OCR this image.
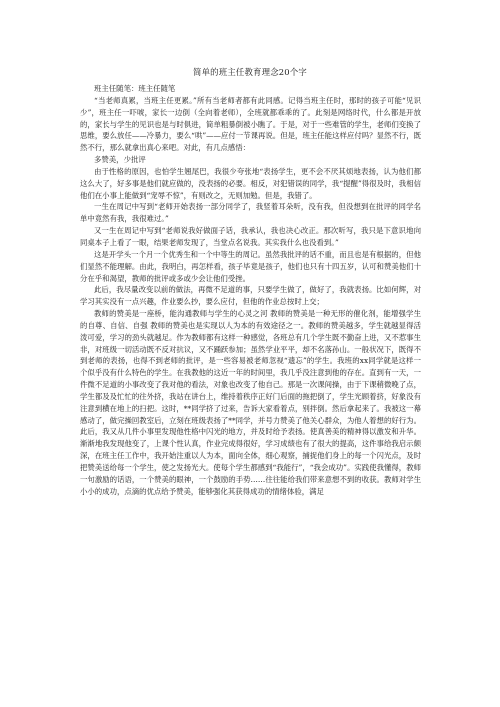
简单的班主任教育理念20个字

班主任随笔：班主任随笔

“当老师真累，当班主任更累。”所有当老师者都有此同感。记得当班主任时，那时的孩子可能“见识少”，班主任一吓唬，家长一边倒（全向着老师），全班就都乖乖的了。此刻是网络时代，什么都是开放的，家长与学生的见识也是与时俱进，简单粗暴倒被小瞧了。于是，对于一些难管的学生，老师们变换了思维，要么放任——冷暴力，要么“哄”——应付一节课再说。但是，班主任能这样应付吗？显然不行，既然不行，那么就拿出真心来吧。对此，有几点感悟：

多赞美，少批评

由于性格的原因，也怕学生翘尾巴，我很少夸张地“表扬学生，更不会不厌其烦地表扬，认为他们都这么大了，好多事是他们就应做的，没表扬的必要。相反，对犯错误的同学，我“提醒”得很及时，我相信他们在小事上能做到“宠辱不惊”，有则改之，无则加勉。但是，我错了。

一生在周记中写到“老师开始表扬一部分同学了，我竖着耳朵听，没有我，但没想到在批评的同学名单中竟然有我，我很难过。”

又一生在周记中写到“老师说我好做面子话，我承认，我也决心改正。那次听写，我只是下意识地向同桌本子上看了一眼，结果老师发现了，当堂点名说我。其实我什么也没看到。”

这是开学头一个月一个优秀生和一个中等生的周记。虽然我批评的话不重，而且也是有根据的，但他们显然不能理解。由此，我明白，再怎样看，孩子毕竟是孩子，他们也只有十四五岁，认可和赞美他们十分在乎和渴望，教师的批评或多或少会让他们受挫。

此后，我尽量改变以前的做法，再微不足道的事，只要学生做了，做好了，我就表扬。比如何辉，对学习其实没有一点兴趣，作业要么抄，要么应付，但他的作业总按时上交；

教师的赞美是一座桥，能沟通教师与学生的心灵之河 教师的赞美是一种无形的催化剂，能增强学生的自尊、自信、自强 教师的赞美也是实现以人为本的有效途径之一。教师的赞美越多，学生就越显得活泼可爱，学习的劲头就越足。作为教师都有这样一种感觉，各班总有几个学生既不勤奋上进，又不惹事生非，对班级一切活动既不反对抗议，又不踊跃参加；虽然学业平平，却不名落孙山。一般状况下，既得不到老师的表扬，也得不到老师的批评，是一些容易被老师忽视“遗忘”的学生。我班的xx同学就是这样一个似乎没有什么特色的学生。在我教他的这近一年的时间里，我几乎没注意到他的存在。直到有一天，一件微不足道的小事改变了我对他的看法，对象也改变了他自己。那是一次课间操，由于下课稍微晚了点，学生都及及忙忙的往外挤，我站在讲台上，维持着秩序正好门后面的拖把倒了，学生光顾着挤，好象没有注意到横在地上的扫把。这时，**同学挤了过来，告诉大家看着点，别拌倒。然后拿起来了。我被这一幕感动了，做完操回教室后，立刻在班级表扬了**同学，并号力赞美了他关心群众，为他人着想的好行为。此后，我又从几件小事里发现他性格中闪光的地方，并及时给予表扬。使真善美的精神得以激发和升华。渐渐地我发现他变了，上课个性认真，作业完成得很好，学习成绩也有了很大的提高，这件事给我启示颇深，在班主任工作中，我开始注重以人为本，面向全体，细心观察，捕捉他们身上的每一个闪光点，及时把赞美送给每一个学生，使之发扬光大。使每个学生都感到“我能行”，“我会成功”。实践使我懂得，教师一句激励的话语，一个赞美的眼神，一个鼓励的手势……往往能给我们带来意想不到的收获。教师对学生小小的成功，点滴的优点给予赞美，能够强化其获得成功的情绪体验，满足
